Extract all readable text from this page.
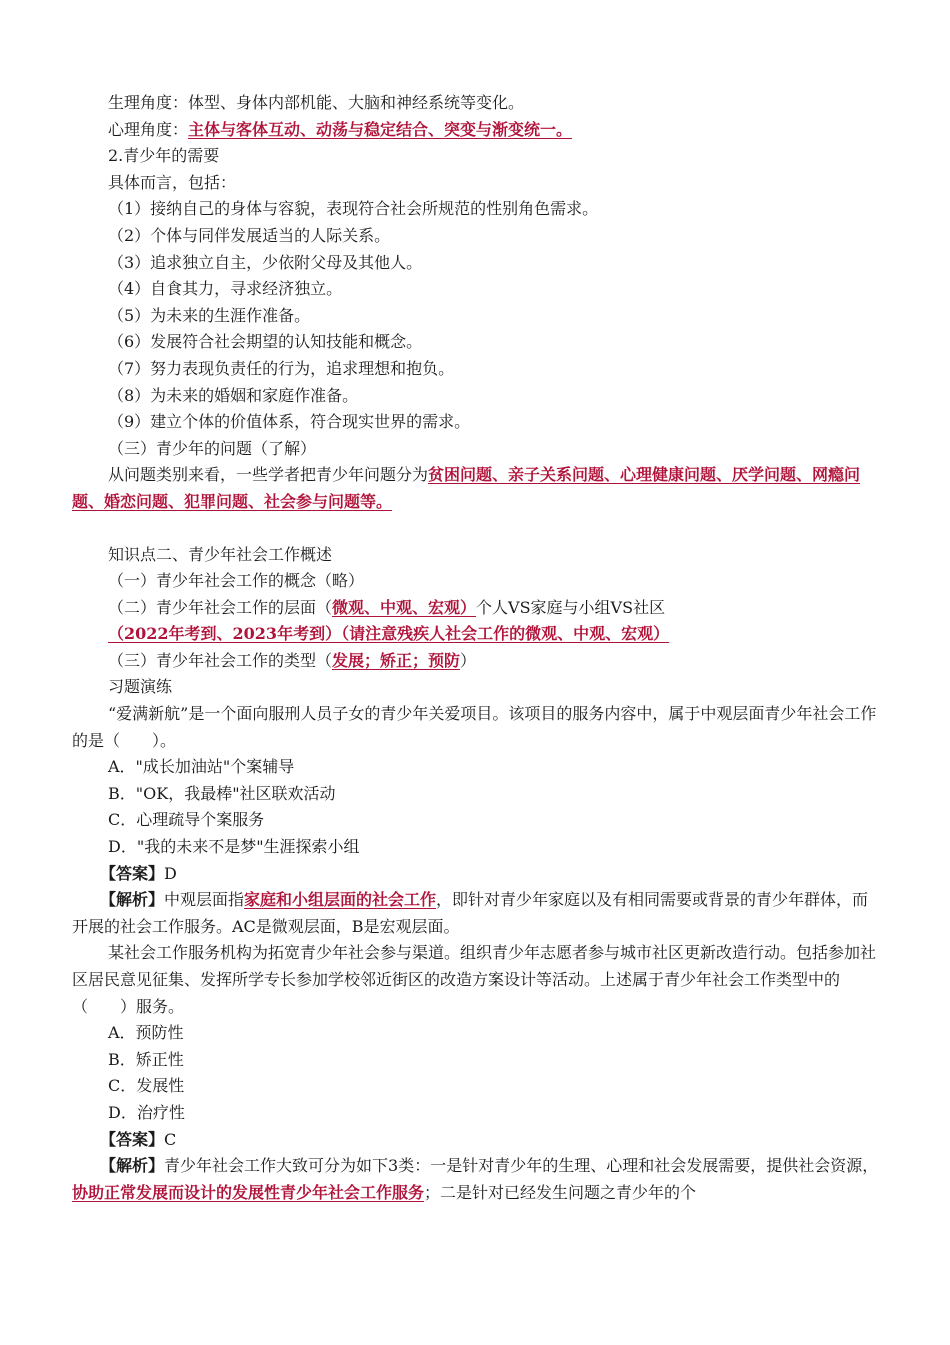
生理角度：体型、身体内部机能、大脑和神经系统等变化。
心理角度：主体与客体互动、动荡与稳定结合、突变与渐变统一。
2.青少年的需要
具体而言，包括：
（1）接纳自己的身体与容貌，表现符合社会所规范的性别角色需求。
（2）个体与同伴发展适当的人际关系。
（3）追求独立自主，少依附父母及其他人。
（4）自食其力，寻求经济独立。
（5）为未来的生涯作准备。
（6）发展符合社会期望的认知技能和概念。
（7）努力表现负责任的行为，追求理想和抱负。
（8）为未来的婚姻和家庭作准备。
（9）建立个体的价值体系，符合现实世界的需求。
（三）青少年的问题（了解）
从问题类别来看，一些学者把青少年问题分为贫困问题、亲子关系问题、心理健康问题、厌学问题、网瘾问题、婚恋问题、犯罪问题、社会参与问题等。
知识点二、青少年社会工作概述
（一）青少年社会工作的概念（略）
（二）青少年社会工作的层面（微观、中观、宏观）个人VS家庭与小组VS社区
（2022年考到、2023年考到）（请注意残疾人社会工作的微观、中观、宏观）
（三）青少年社会工作的类型（发展；矫正；预防）
习题演练
“爱满新航”是一个面向服刑人员子女的青少年关爱项目。该项目的服务内容中，属于中观层面青少年社会工作的是（　　）。
A．"成长加油站"个案辅导
B．"OK，我最棒"社区联欢活动
C．心理疏导个案服务
D．"我的未来不是梦"生涯探索小组
【答案】D
【解析】中观层面指家庭和小组层面的社会工作，即针对青少年家庭以及有相同需要或背景的青少年群体，而开展的社会工作服务。AC是微观层面，B是宏观层面。
某社会工作服务机构为拓宽青少年社会参与渠道。组织青少年志愿者参与城市社区更新改造行动。包括参加社区居民意见征集、发挥所学专长参加学校邻近街区的改造方案设计等活动。上述属于青少年社会工作类型中的（　　）服务。
A．预防性
B．矫正性
C．发展性
D．治疗性
【答案】C
【解析】青少年社会工作大致可分为如下3类：一是针对青少年的生理、心理和社会发展需要，提供社会资源，协助正常发展而设计的发展性青少年社会工作服务；二是针对已经发生问题之青少年的个
